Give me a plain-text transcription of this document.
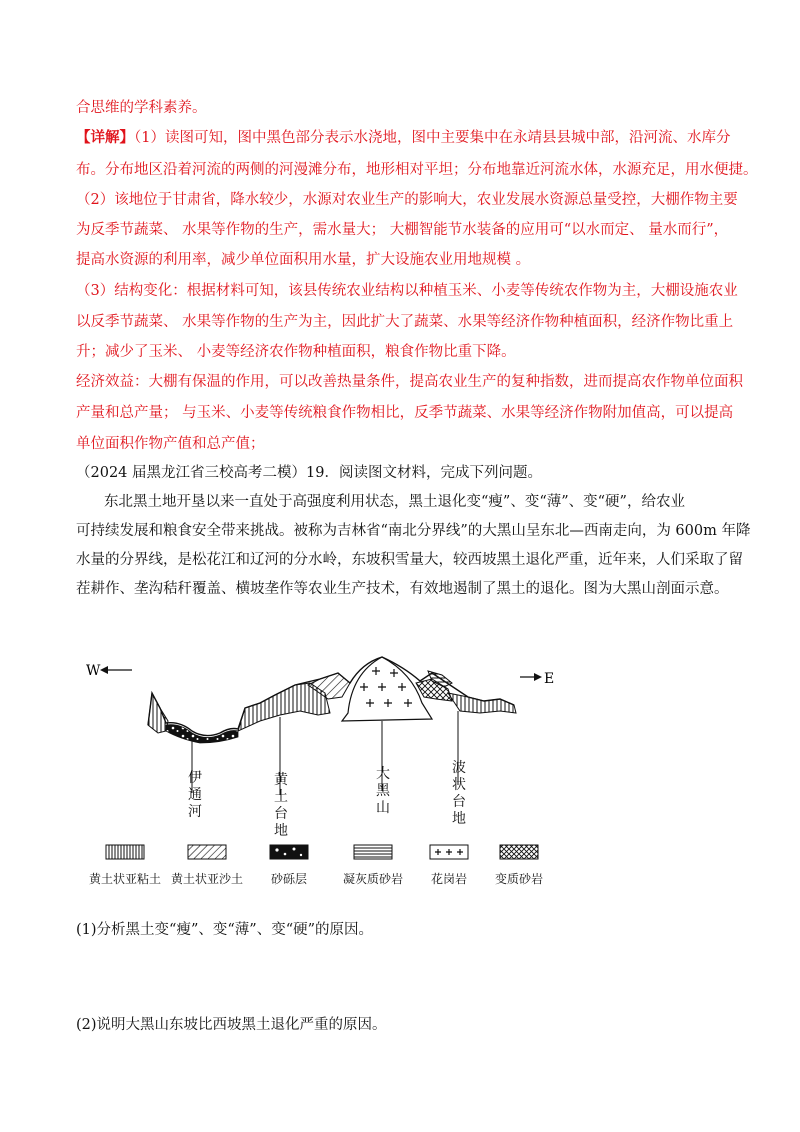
合思维的学科素养。
【详解】（1）读图可知，图中黑色部分表示水浇地，图中主要集中在永靖县县城中部，沿河流、水库分
布。分布地区沿着河流的两侧的河漫滩分布，地形相对平坦；分布地靠近河流水体，水源充足，用水便捷。
（2）该地位于甘肃省，降水较少，水源对农业生产的影响大，农业发展水资源总量受控，大棚作物主要
为反季节蔬菜、 水果等作物的生产，需水量大； 大棚智能节水装备的应用可“以水而定、 量水而行”，
提高水资源的利用率，减少单位面积用水量，扩大设施农业用地规模 。
（3）结构变化：根据材料可知，该县传统农业结构以种植玉米、小麦等传统农作物为主，大棚设施农业
以反季节蔬菜、 水果等作物的生产为主，因此扩大了蔬菜、水果等经济作物种植面积，经济作物比重上
升；减少了玉米、 小麦等经济农作物种植面积，粮食作物比重下降。
经济效益：大棚有保温的作用，可以改善热量条件，提高农业生产的复种指数，进而提高农作物单位面积
产量和总产量； 与玉米、小麦等传统粮食作物相比，反季节蔬菜、水果等经济作物附加值高，可以提高
单位面积作物产值和总产值；
（2024 届黑龙江省三校高考二模）19．阅读图文材料，完成下列问题。
东北黑土地开垦以来一直处于高强度利用状态，黑土退化变“瘦”、变“薄”、变“硬”，给农业
可持续发展和粮食安全带来挑战。被称为吉林省“南北分界线”的大黑山呈东北—西南走向，为 600m 年降
水量的分界线，是松花江和辽河的分水岭，东坡积雪量大，较西坡黑土退化严重，近年来，人们采取了留
茬耕作、垄沟秸秆覆盖、横坡垄作等农业生产技术，有效地遏制了黑土的退化。图为大黑山剖面示意。
W	E
伊通河
黄土台地
大黑山
波状台地
黄土状亚粘土 黄土状亚沙土	砂砾层	凝灰质砂岩	花岗岩	变质砂岩
(1)分析黑土变“瘦”、变“薄”、变“硬”的原因。
(2)说明大黑山东坡比西坡黑土退化严重的原因。
